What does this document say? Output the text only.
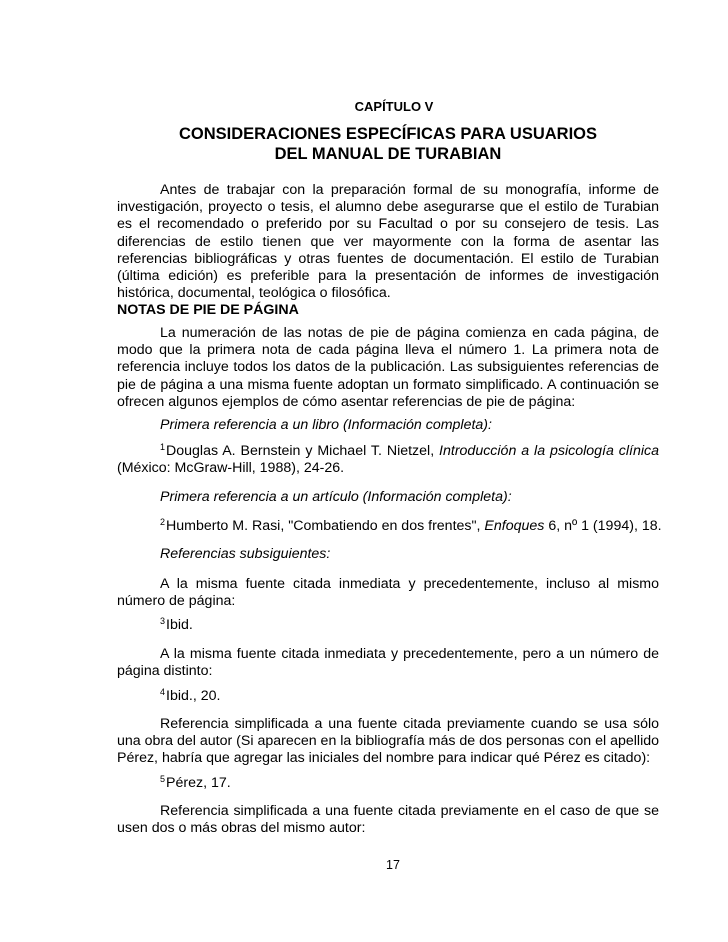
CAPÍTULO V
CONSIDERACIONES ESPECÍFICAS PARA USUARIOS
DEL MANUAL DE TURABIAN
Antes de trabajar con la preparación formal de su monografía, informe de investigación, proyecto o tesis, el alumno debe asegurarse que el estilo de Turabian es el recomendado o preferido por su Facultad o por su consejero de tesis. Las diferencias de estilo tienen que ver mayormente con la forma de asentar las referencias bibliográficas y otras fuentes de documentación. El estilo de Turabian (última edición) es preferible para la presentación de informes de investigación histórica, documental, teológica o filosófica.
NOTAS DE PIE DE PÁGINA
La numeración de las notas de pie de página comienza en cada página, de modo que la primera nota de cada página lleva el número 1. La primera nota de referencia incluye todos los datos de la publicación. Las subsiguientes referencias de pie de página a una misma fuente adoptan un formato simplificado. A continuación se ofrecen algunos ejemplos de cómo asentar referencias de pie de página:
Primera referencia a un libro (Información completa):
$^1$Douglas A. Bernstein y Michael T. Nietzel, Introducción a la psicología clínica (México: McGraw-Hill, 1988), 24-26.
Primera referencia a un artículo (Información completa):
$^2$Humberto M. Rasi, "Combatiendo en dos frentes", Enfoques 6, nº 1 (1994), 18.
Referencias subsiguientes:
A la misma fuente citada inmediata y precedentemente, incluso al mismo número de página:
$^3$Ibid.
A la misma fuente citada inmediata y precedentemente, pero a un número de página distinto:
$^4$Ibid., 20.
Referencia simplificada a una fuente citada previamente cuando se usa sólo una obra del autor (Si aparecen en la bibliografía más de dos personas con el apellido Pérez, habría que agregar las iniciales del nombre para indicar qué Pérez es citado):
$^5$Pérez, 17.
Referencia simplificada a una fuente citada previamente en el caso de que se usen dos o más obras del mismo autor:
17
